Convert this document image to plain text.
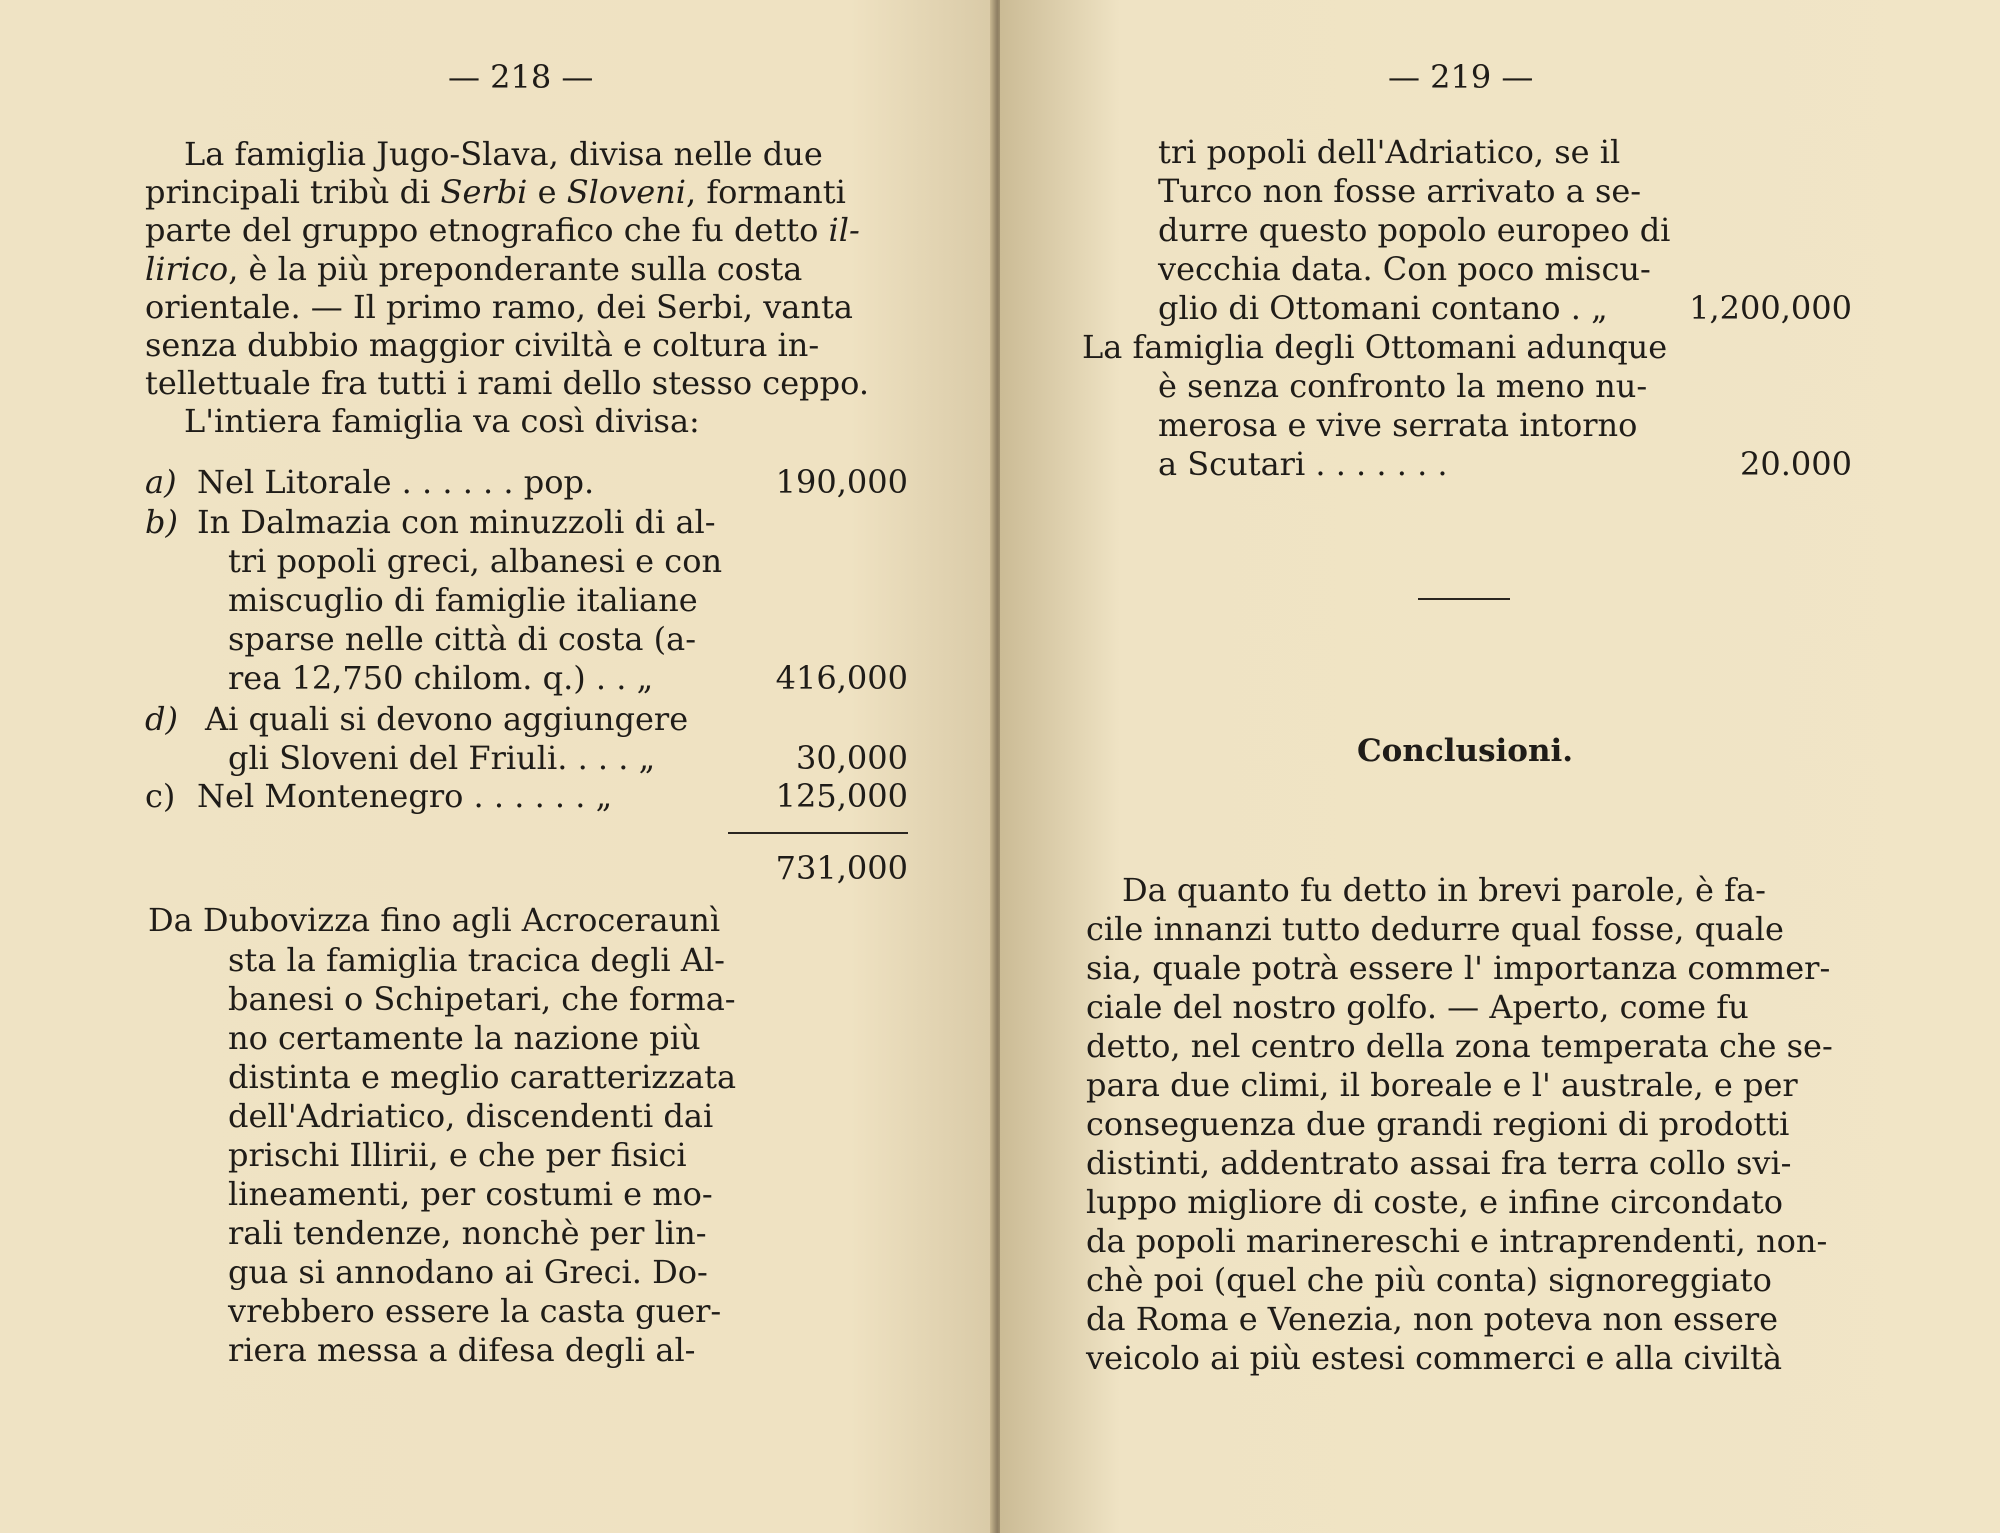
— 218 —
La famiglia Jugo-Slava, divisa nelle due
principali tribù di Serbi e Sloveni, formanti
parte del gruppo etnografico che fu detto il-
lirico, è la più preponderante sulla costa
orientale. — Il primo ramo, dei Serbi, vanta
senza dubbio maggior civiltà e coltura in-
tellettuale fra tutti i rami dello stesso ceppo.
L'intiera famiglia va così divisa:
a) Nel Litorale . . . . . . pop.	190,000
b) In Dalmazia con minuzzoli di al-
tri popoli greci, albanesi e con
miscuglio di famiglie italiane
sparse nelle città di costa (a-
rea 12,750 chilom. q.) . . „	416,000
d) Ai quali si devono aggiungere
gli Sloveni del Friuli. . . . „	30,000
c) Nel Montenegro . . . . . . „	125,000
731,000
Da Dubovizza fino agli Acroceraunì
sta la famiglia tracica degli Al-
banesi o Schipetari, che forma-
no certamente la nazione più
distinta e meglio caratterizzata
dell'Adriatico, discendenti dai
prischi Illirii, e che per fisici
lineamenti, per costumi e mo-
rali tendenze, nonchè per lin-
gua si annodano ai Greci. Do-
vrebbero essere la casta guer-
riera messa a difesa degli al-
— 219 —
tri popoli dell'Adriatico, se il
Turco non fosse arrivato a se-
durre questo popolo europeo di
vecchia data. Con poco miscu-
glio di Ottomani contano . „	1,200,000
La famiglia degli Ottomani adunque
è senza confronto la meno nu-
merosa e vive serrata intorno
a Scutari . . . . . . .	20.000
Conclusioni.
Da quanto fu detto in brevi parole, è fa-
cile innanzi tutto dedurre qual fosse, quale
sia, quale potrà essere l' importanza commer-
ciale del nostro golfo. — Aperto, come fu
detto, nel centro della zona temperata che se-
para due climi, il boreale e l' australe, e per
conseguenza due grandi regioni di prodotti
distinti, addentrato assai fra terra collo svi-
luppo migliore di coste, e infine circondato
da popoli marinereschi e intraprendenti, non-
chè poi (quel che più conta) signoreggiato
da Roma e Venezia, non poteva non essere
veicolo ai più estesi commerci e alla civiltà
